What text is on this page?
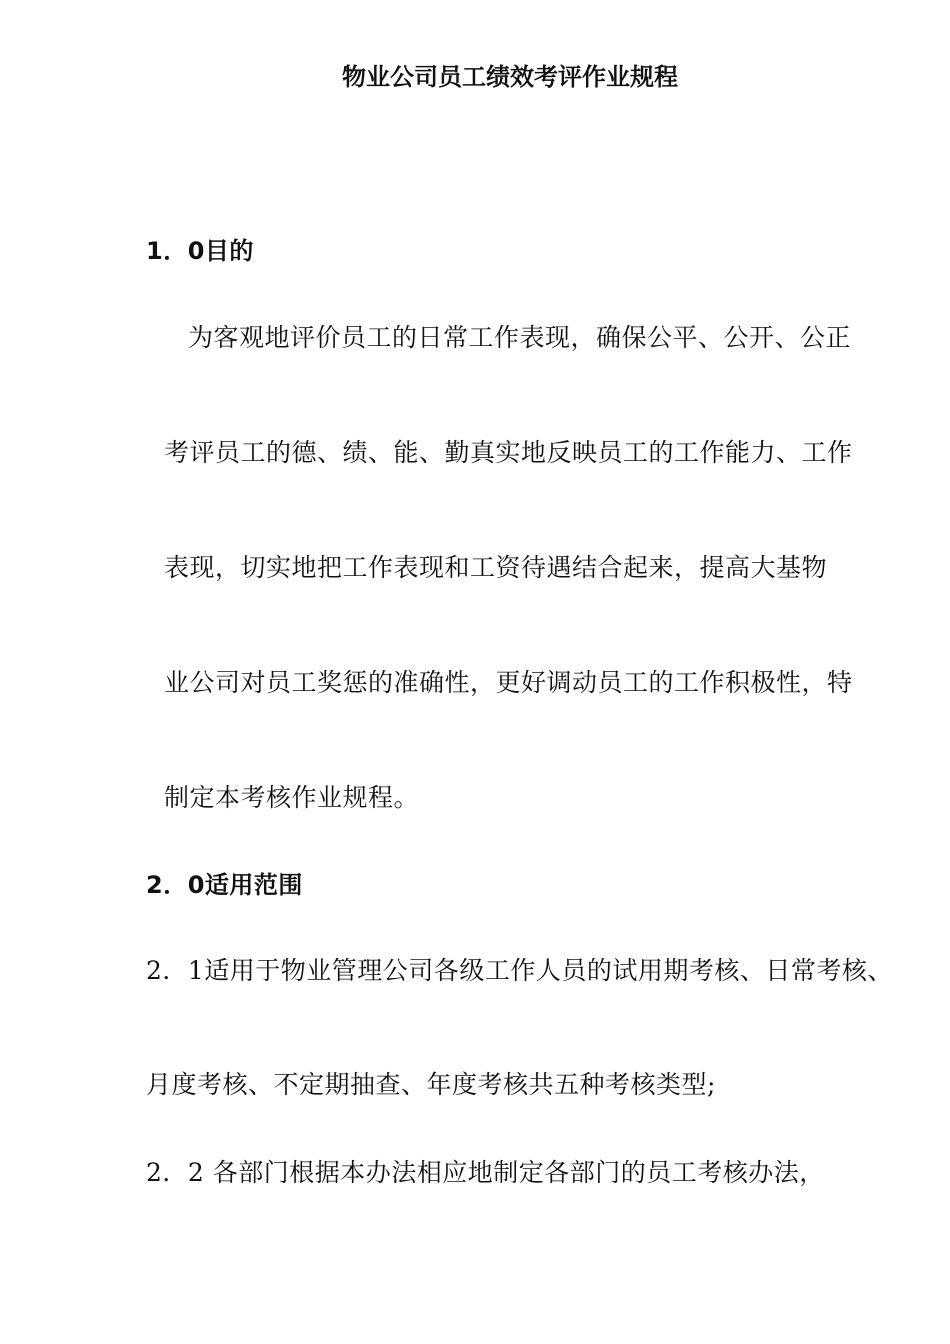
物业公司员工绩效考评作业规程
1．0目的
为客观地评价员工的日常工作表现，确保公平、公开、公正
考评员工的德、绩、能、勤真实地反映员工的工作能力、工作
表现，切实地把工作表现和工资待遇结合起来，提高大基物
业公司对员工奖惩的准确性，更好调动员工的工作积极性，特
制定本考核作业规程。
2．0适用范围
2．1适用于物业管理公司各级工作人员的试用期考核、日常考核、
月度考核、不定期抽查、年度考核共五种考核类型;
2．2 各部门根据本办法相应地制定各部门的员工考核办法，
